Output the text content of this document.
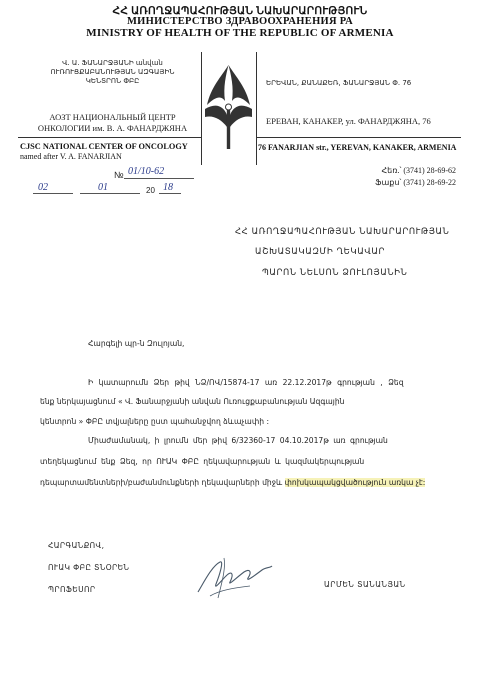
ՀՀ ԱՌՈՂՋԱՊԱՀՈՒԹՅԱՆ ՆԱԽԱՐԱՐՈՒԹՅՈՒՆ
МИНИСТЕРСТВО ЗДРАВООХРАНЕНИЯ РА
MINISTRY OF HEALTH OF THE REPUBLIC OF ARMENIA
Վ. Ա. ՖԱՆԱՐՋՅԱՆԻ անվան
ՈՒՌՈՒՑՔԱԲԱՆՈՒԹՅԱՆ ԱԶԳԱՅԻՆ
ԿԵՆՏՐՈՆ ՓԲԸ
АОЗТ НАЦИОНАЛЬНЫЙ ЦЕНТР
ОНКОЛОГИИ им. В. А. ФАНАРДЖЯНА
CJSC NATIONAL CENTER OF ONCOLOGY
named after V. A. FANARJIAN
ԵՐԵՎԱՆ, ՔԱՆԱՔԵՌ, ՖԱՆԱՐՋՅԱՆ Փ. 76
ЕРЕВАН, КАНАКЕР, ул. ФАНАРДЖЯНА, 76
76 FANARJIAN str., YEREVAN, KANAKER, ARMENIA
Հեռ.՝ (3741) 28-69-62
Ֆաքս՝ (3741) 28-69-22
№ 01/10-62
02	01	20 18
ՀՀ ԱՌՈՂՋԱՊԱՀՈՒԹՅԱՆ ՆԱԽԱՐԱՐՈՒԹՅԱՆ
ԱՇԽԱՏԱԿԱԶՄԻ ՂԵԿԱՎԱՐ
ՊԱՐՈՆ ՆԵԼՍՈՆ ՁՈՒԼՈՅԱՆԻՆ
Հարգելի պր-ն Զուլոյան,
Ի կատարումն Ձեր թիվ ՆՁ/ՈՎ/15874-17 առ 22.12.2017թ գրության , Ձեզ
ենք ներկայացնում « Վ. Ֆանարջյանի անվան Ուռուցքաբանության Ազգային
կենտրոն » ՓԲԸ տվյալները ըստ պահանջվող ձևաչափի :
Միաժամանակ, ի լրումն մեր թիվ 6/32360-17 04.10.2017թ առ գրության
տեղեկացնում ենք Ձեզ, որ ՈՒԱԿ ՓԲԸ ղեկավարության և կազմակերպության
դեպարտամենտների/բաժանմունքների ղեկավարների միջև փոխկապակցվածություն առկա չէ:
ՀԱՐԳԱՆՔՈՎ,
ՈՒԱԿ ՓԲԸ ՏՆՕՐԵՆ
ՊՐՈՖԵՍՈՐ
ԱՐՄԵՆ ՏԱՆԱՆՅԱՆ
